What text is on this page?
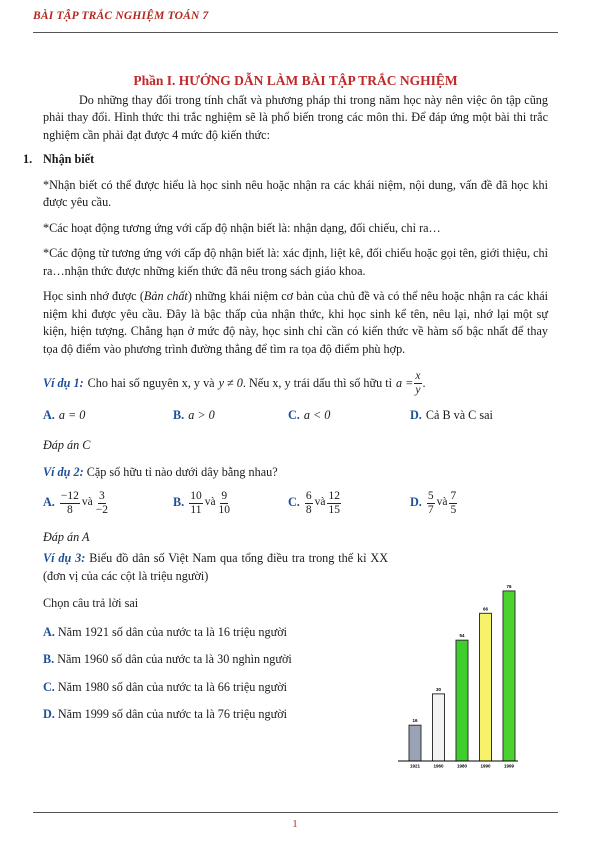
BÀI TẬP TRẮC NGHIỆM TOÁN 7
Phần I. HƯỚNG DẪN LÀM BÀI TẬP TRẮC NGHIỆM

Do những thay đổi trong tính chất và phương pháp thi trong năm học này nên việc ôn tập cũng phải thay đổi. Hình thức thi trắc nghiệm sẽ là phổ biến trong các môn thi. Để đáp ứng một bài thi trắc nghiệm cần phải đạt được 4 mức độ kiến thức:

1. Nhận biết

*Nhận biết có thể được hiểu là học sinh nêu hoặc nhận ra các khái niệm, nội dung, vấn đề đã học khi được yêu cầu.

*Các hoạt động tương ứng với cấp độ nhận biết là: nhận dạng, đối chiếu, chỉ ra…

*Các động từ tương ứng với cấp độ nhận biết là: xác định, liệt kê, đối chiếu hoặc gọi tên, giới thiệu, chỉ ra…nhận thức được những kiến thức đã nêu trong sách giáo khoa.

Học sinh nhớ được (Bản chất) những khái niệm cơ bản của chủ đề và có thể nêu hoặc nhận ra các khái niệm khi được yêu cầu. Đây là bậc thấp của nhận thức, khi học sinh kể tên, nêu lại, nhớ lại một sự kiện, hiện tượng. Chẳng hạn ở mức độ này, học sinh chỉ cần có kiến thức về hàm số bậc nhất để thay tọa độ điểm vào phương trình đường thẳng để tìm ra tọa độ điểm phù hợp.

Ví dụ 1: Cho hai số nguyên x, y và y ≠ 0 . Nếu x, y trái dấu thì số hữu tỉ $a = \frac{x}{y}$ .

A. a = 0	B. a > 0	C. a < 0	D. Cả B và C sai

Đáp án C

Ví dụ 2: Cặp số hữu tỉ nào dưới dây bằng nhau?

A. $\frac{-12}{8}$ và $\frac{3}{-2}$	B. $\frac{10}{11}$ và $\frac{9}{10}$	C. $\frac{6}{8}$ và $\frac{12}{15}$	D. $\frac{5}{7}$ và $\frac{7}{5}$

Đáp án A

Ví dụ 3: Biểu đồ dân số Việt Nam qua tổng điều tra trong thế kỉ XX (đơn vị của các cột là triệu người)

Chọn câu trả lời sai

A. Năm 1921 số dân của nước ta là 16 triệu người
B. Năm 1960 số dân của nước ta là 30 nghìn người
C. Năm 1980 số dân của nước ta là 66 triệu người
D. Năm 1999 số dân của nước ta là 76 triệu người	16
1921
30
1960
54
1980
66
1990
76
1999
1
